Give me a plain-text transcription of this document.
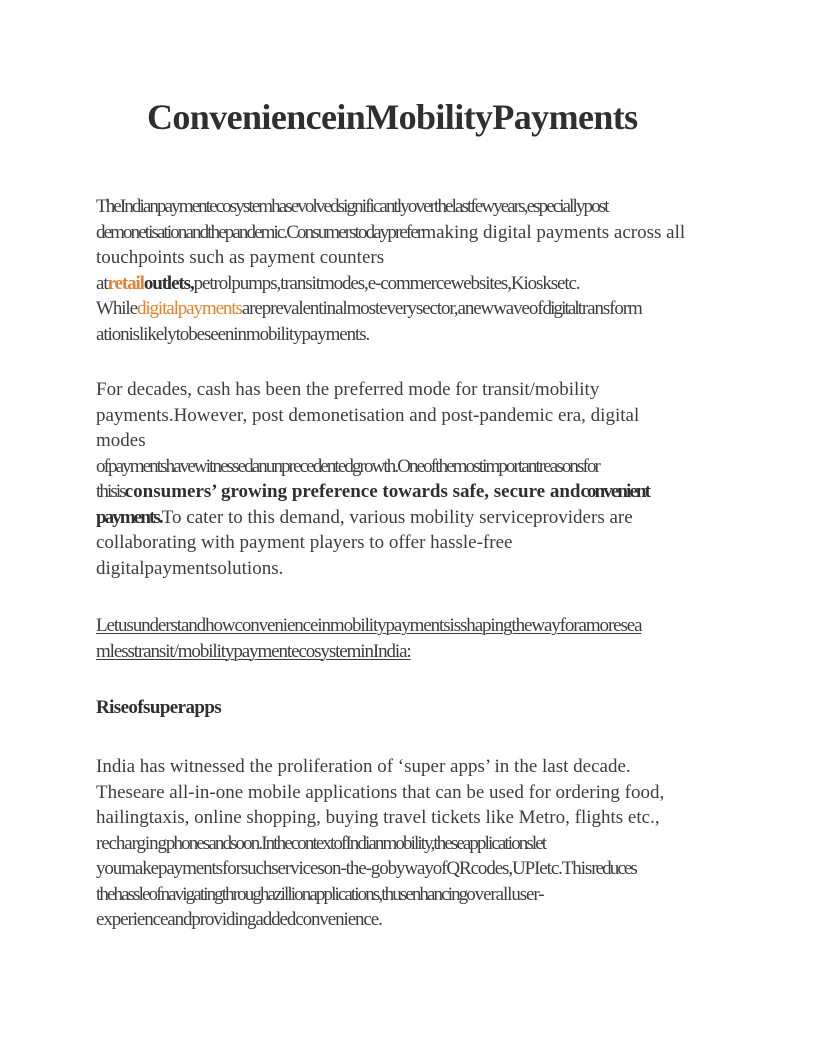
ConvenienceinMobilityPayments
TheIndianpaymentecosystemhasevolvedsignificantlyoverthelastfewyears,especiallypost
demonetisationandthepandemic.Consumerstodayprefermaking digital payments across all
touchpoints such as payment counters
atretailoutlets,petrolpumps,transitmodes,e-commercewebsites,Kiosksetc.
Whiledigitalpaymentsareprevalentinalmosteverysector,anewwaveofdigitaltransform
ationislikelytobeseeninmobilitypayments.
For decades, cash has been the preferred mode for transit/mobility
payments.However, post demonetisation and post-pandemic era, digital
modes
ofpaymentshavewitnessedanunprecedentedgrowth.Oneofthemostimportantreasonsfor
thisisconsumers’ growing preference towards safe, secure andconvenient
payments.To cater to this demand, various mobility serviceproviders are
collaborating with payment players to offer hassle-free
digitalpaymentsolutions.
Letusunderstandhowconvenienceinmobilitypaymentsisshapingthewayforamoresea
mlesstransit/mobilitypaymentecosysteminIndia:
Riseofsuperapps
India has witnessed the proliferation of ‘super apps’ in the last decade.
Theseare all-in-one mobile applications that can be used for ordering food,
hailingtaxis, online shopping, buying travel tickets like Metro, flights etc.,
rechargingphonesandsoon.InthecontextofIndianmobility,theseapplicationslet
youmakepaymentsforsuchserviceson-the-gobywayofQRcodes,UPIetc.Thisreduces
thehassleofnavigatingthroughazillionapplications,thusenhancingoveralluser-
experienceandprovidingaddedconvenience.
